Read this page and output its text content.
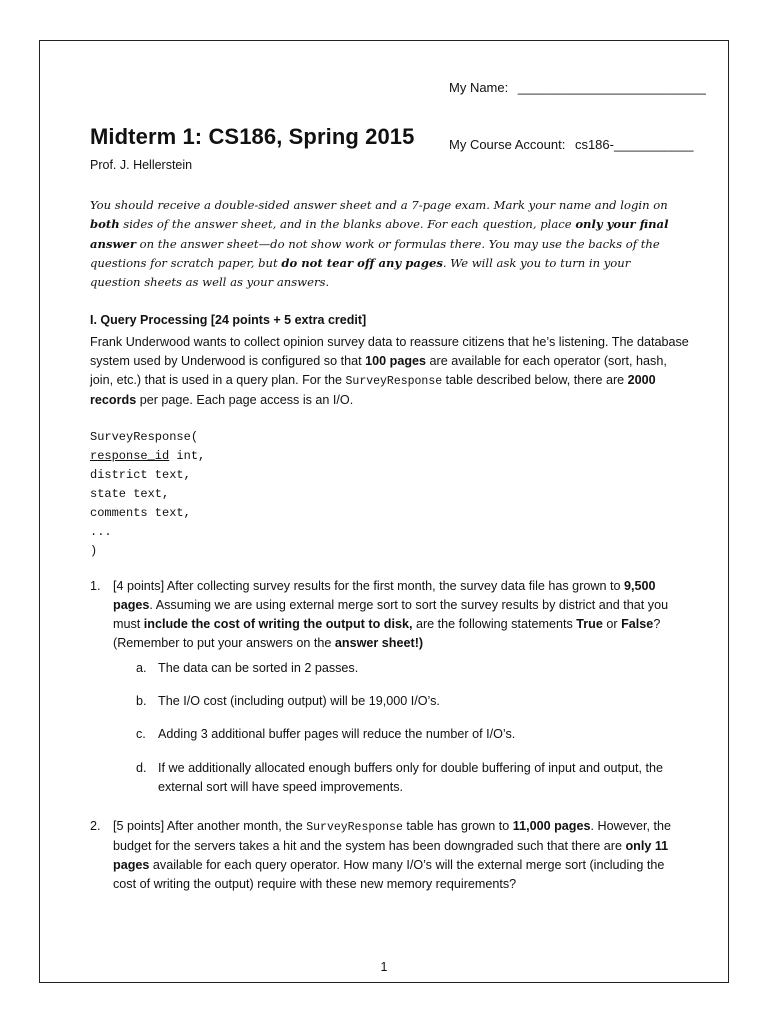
My Name: __________________________
Midterm 1: CS186, Spring 2015	My Course Account: cs186-___________
Prof. J. Hellerstein
You should receive a double-sided answer sheet and a 7-page exam. Mark your name and login on both sides of the answer sheet, and in the blanks above. For each question, place only your final answer on the answer sheet—do not show work or formulas there. You may use the backs of the questions for scratch paper, but do not tear off any pages. We will ask you to turn in your question sheets as well as your answers.
I. Query Processing [24 points + 5 extra credit]
Frank Underwood wants to collect opinion survey data to reassure citizens that he’s listening. The database system used by Underwood is configured so that 100 pages are available for each operator (sort, hash, join, etc.) that is used in a query plan. For the SurveyResponse table described below, there are 2000 records per page. Each page access is an I/O.
SurveyResponse(
response_id int,
district text,
state text,
comments text,
...
)
1. [4 points] After collecting survey results for the first month, the survey data file has grown to 9,500 pages. Assuming we are using external merge sort to sort the survey results by district and that you must include the cost of writing the output to disk, are the following statements True or False? (Remember to put your answers on the answer sheet!)
a. The data can be sorted in 2 passes.
b. The I/O cost (including output) will be 19,000 I/O’s.
c. Adding 3 additional buffer pages will reduce the number of I/O’s.
d. If we additionally allocated enough buffers only for double buffering of input and output, the external sort will have speed improvements.
2. [5 points] After another month, the SurveyResponse table has grown to 11,000 pages. However, the budget for the servers takes a hit and the system has been downgraded such that there are only 11 pages available for each query operator. How many I/O’s will the external merge sort (including the cost of writing the output) require with these new memory requirements?
1
